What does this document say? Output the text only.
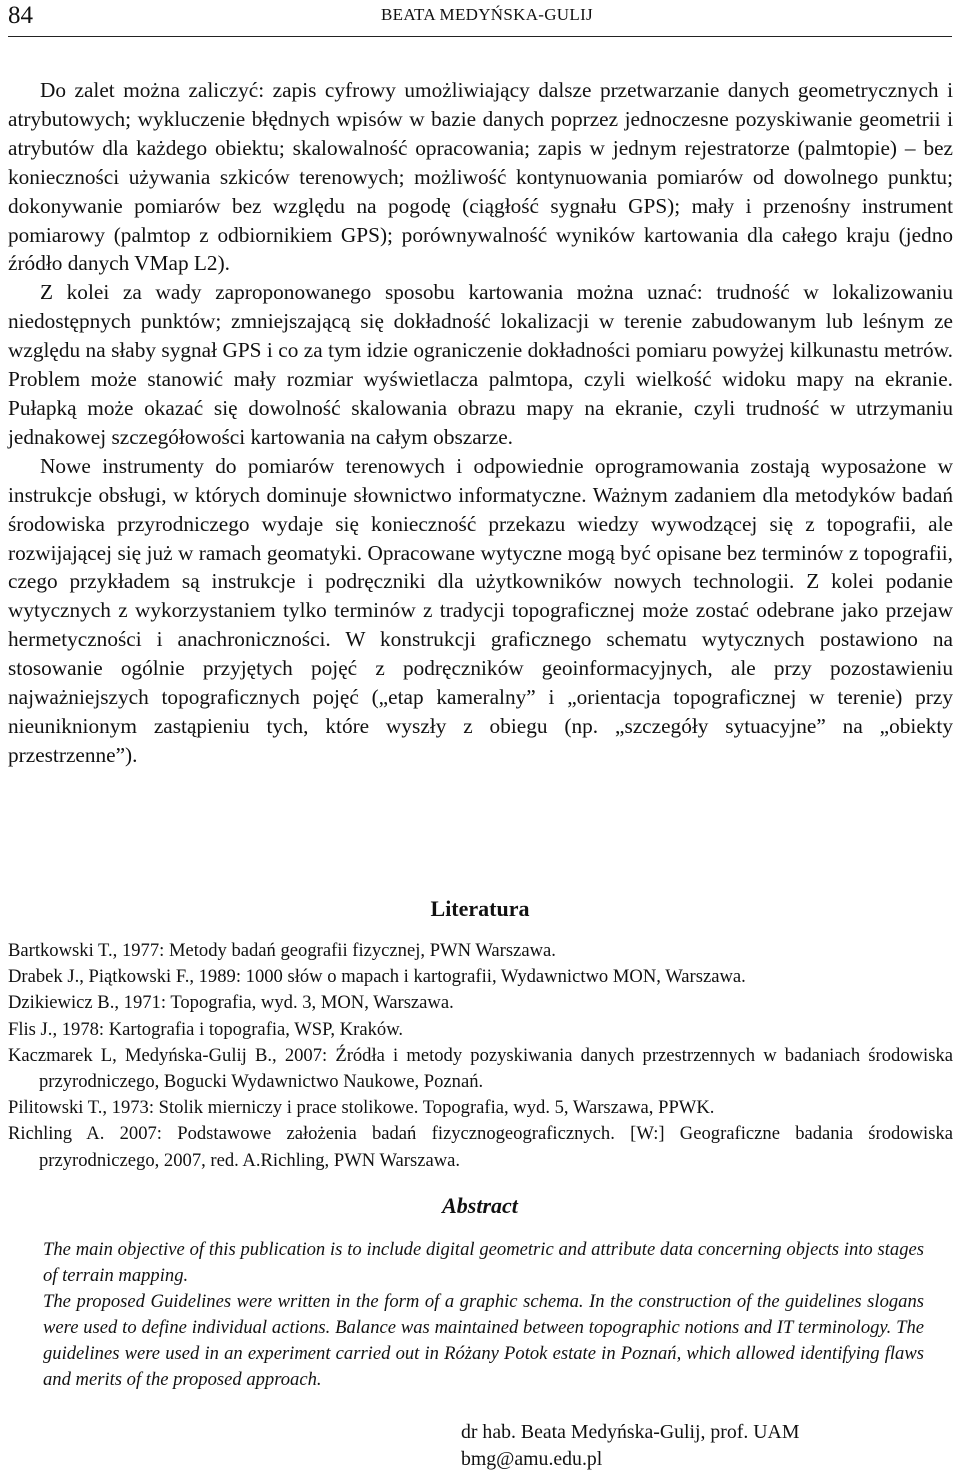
84	BEATA MEDYŃSKA-GULIJ

Do zalet można zaliczyć: zapis cyfrowy umożliwiający dalsze przetwarzanie danych geometrycznych i atrybutowych; wykluczenie błędnych wpisów w bazie danych poprzez jednoczesne pozyskiwanie geometrii i atrybutów dla każdego obiektu; skalowalność opracowania; zapis w jednym rejestratorze (palmtopie) – bez konieczności używania szkiców terenowych; możliwość kontynuowania pomiarów od dowolnego punktu; dokonywanie pomiarów bez względu na pogodę (ciągłość sygnału GPS); mały i przenośny instrument pomiarowy (palmtop z odbiornikiem GPS); porównywalność wyników kartowania dla całego kraju (jedno źródło danych VMap L2).

Z kolei za wady zaproponowanego sposobu kartowania można uznać: trudność w lokalizowaniu niedostępnych punktów; zmniejszającą się dokładność lokalizacji w terenie zabudowanym lub leśnym ze względu na słaby sygnał GPS i co za tym idzie ograniczenie dokładności pomiaru powyżej kilkunastu metrów. Problem może stanowić mały rozmiar wyświetlacza palmtopa, czyli wielkość widoku mapy na ekranie. Pułapką może okazać się dowolność skalowania obrazu mapy na ekranie, czyli trudność w utrzymaniu jednakowej szczegółowości kartowania na całym obszarze.

Nowe instrumenty do pomiarów terenowych i odpowiednie oprogramowania zostają wyposażone w instrukcje obsługi, w których dominuje słownictwo informatyczne. Ważnym zadaniem dla metodyków badań środowiska przyrodniczego wydaje się konieczność przekazu wiedzy wywodzącej się z topografii, ale rozwijającej się już w ramach geomatyki. Opracowane wytyczne mogą być opisane bez terminów z topografii, czego przykładem są instrukcje i podręczniki dla użytkowników nowych technologii. Z kolei podanie wytycznych z wykorzystaniem tylko terminów z tradycji topograficznej może zostać odebrane jako przejaw hermetyczności i anachroniczności. W konstrukcji graficznego schematu wytycznych postawiono na stosowanie ogólnie przyjętych pojęć z podręczników geoinformacyjnych, ale przy pozostawieniu najważniejszych topograficznych pojęć („etap kameralny” i „orientacja topograficznej w terenie) przy nieuniknionym zastąpieniu tych, które wyszły z obiegu (np. „szczegóły sytuacyjne” na „obiekty przestrzenne”).

Literatura

Bartkowski T., 1977: Metody badań geografii fizycznej, PWN Warszawa.

Drabek J., Piątkowski F., 1989: 1000 słów o mapach i kartografii, Wydawnictwo MON, Warszawa.

Dzikiewicz B., 1971: Topografia, wyd. 3, MON, Warszawa.

Flis J., 1978: Kartografia i topografia, WSP, Kraków.

Kaczmarek L, Medyńska-Gulij B., 2007: Źródła i metody pozyskiwania danych przestrzennych w badaniach środowiska przyrodniczego, Bogucki Wydawnictwo Naukowe, Poznań.

Pilitowski T., 1973: Stolik mierniczy i prace stolikowe. Topografia, wyd. 5, Warszawa, PPWK.

Richling A. 2007: Podstawowe założenia badań fizycznogeograficznych. [W:] Geograficzne badania środowiska przyrodniczego, 2007, red. A.Richling, PWN Warszawa.

Abstract

The main objective of this publication is to include digital geometric and attribute data concerning objects into stages of terrain mapping.

The proposed Guidelines were written in the form of a graphic schema. In the construction of the guidelines slogans were used to define individual actions. Balance was maintained between topographic notions and IT terminology. The guidelines were used in an experiment carried out in Różany Potok estate in Poznań, which allowed identifying flaws and merits of the proposed approach.

dr hab. Beata Medyńska-Gulij, prof. UAM
bmg@amu.edu.pl
